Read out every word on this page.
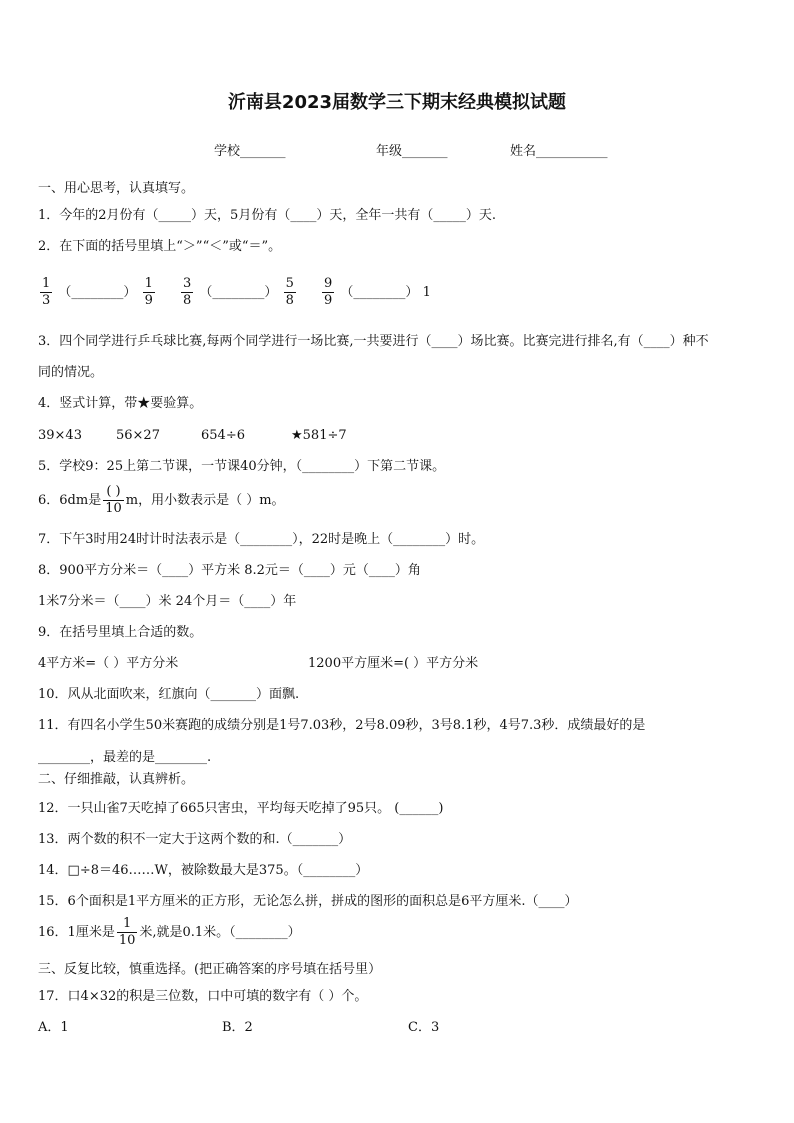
沂南县2023届数学三下期末经典模拟试题
学校_______	年级_______	姓名___________
一、用心思考，认真填写。
1．今年的2月份有（_____）天，5月份有（____）天，全年一共有（_____）天.
2．在下面的括号里填上“＞”“＜”或“＝”。
$\frac{1}{3}$ （________） $\frac{1}{9}$
$\frac{3}{8}$ （________） $\frac{5}{8}$
$\frac{9}{9}$ （________） 1
3．四个同学进行乒乓球比赛,每两个同学进行一场比赛,一共要进行（____）场比赛。比赛完进行排名,有（____）种不
同的情况。
4．竖式计算，带★要验算。
39×43	56×27	654÷6	★581÷7
5．学校9：25上第二节课，一节课40分钟，（________）下第二节课。
6．6dm是 $\frac{( )}{10}$ m，用小数表示是（ ）m。
7．下午3时用24时计时法表示是（________），22时是晚上（________）时。
8．900平方分米＝（____）平方米 8.2元＝（____）元（____）角
1米7分米＝（____）米 24个月＝（____）年
9．在括号里填上合适的数。
4平方米=（ ）平方分米	1200平方厘米=( ）平方分米
10．风从北面吹来，红旗向（_______）面飘.
11．有四名小学生50米赛跑的成绩分别是1号7.03秒，2号8.09秒，3号8.1秒，4号7.3秒．成绩最好的是
________，最差的是________.
二、仔细推敲，认真辨析。
12．一只山雀7天吃掉了665只害虫，平均每天吃掉了95只。 (______)
13．两个数的积不一定大于这两个数的和.（_______）
14．□÷8＝46……W，被除数最大是375。（________）
15．6个面积是1平方厘米的正方形，无论怎么拼，拼成的图形的面积总是6平方厘米.（____）
16．1厘米是 $\frac{1}{10}$ 米,就是0.1米。（________）
三、反复比较，慎重选择。(把正确答案的序号填在括号里）
17．口4×32的积是三位数，口中可填的数字有（ ）个。
A．1	B．2	C．3
